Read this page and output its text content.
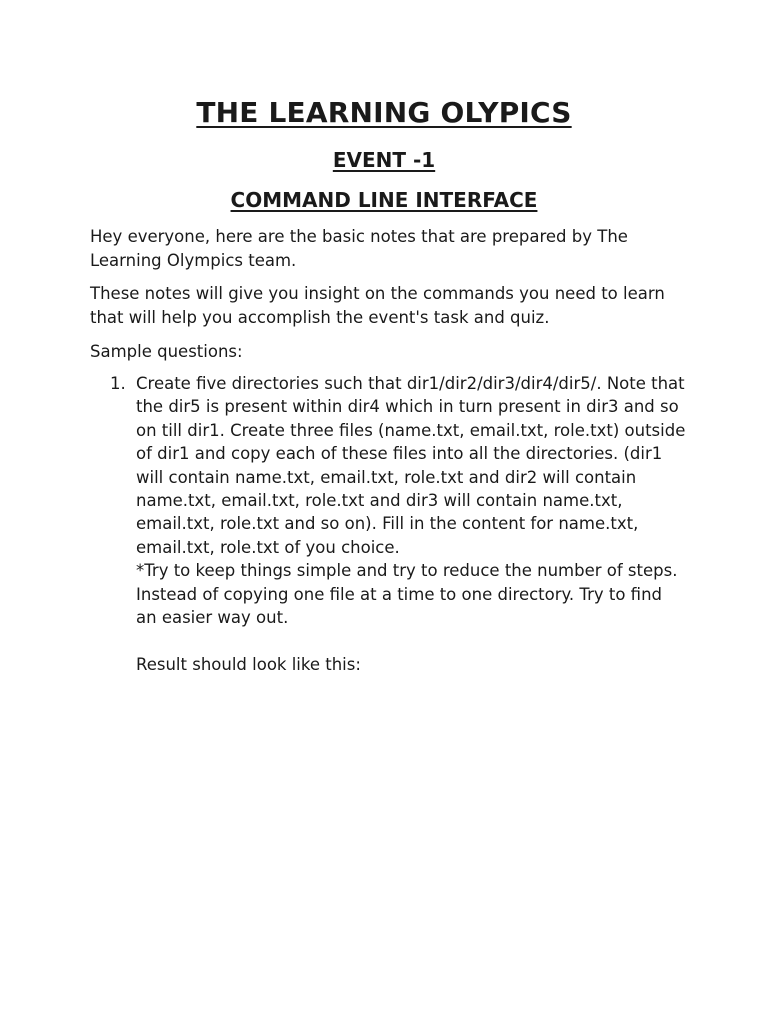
THE LEARNING OLYPICS
EVENT -1
COMMAND LINE INTERFACE
Hey everyone, here are the basic notes that are prepared by The Learning Olympics team.
These notes will give you insight on the commands you need to learn that will help you accomplish the event's task and quiz.
Sample questions:
1. Create five directories such that dir1/dir2/dir3/dir4/dir5/. Note that the dir5 is present within dir4 which in turn present in dir3 and so on till dir1. Create three files (name.txt, email.txt, role.txt) outside of dir1 and copy each of these files into all the directories. (dir1 will contain name.txt, email.txt, role.txt and dir2 will contain name.txt, email.txt, role.txt and dir3 will contain name.txt, email.txt, role.txt and so on). Fill in the content for name.txt, email.txt, role.txt of you choice.

*Try to keep things simple and try to reduce the number of steps. Instead of copying one file at a time to one directory. Try to find an easier way out.

Result should look like this:
